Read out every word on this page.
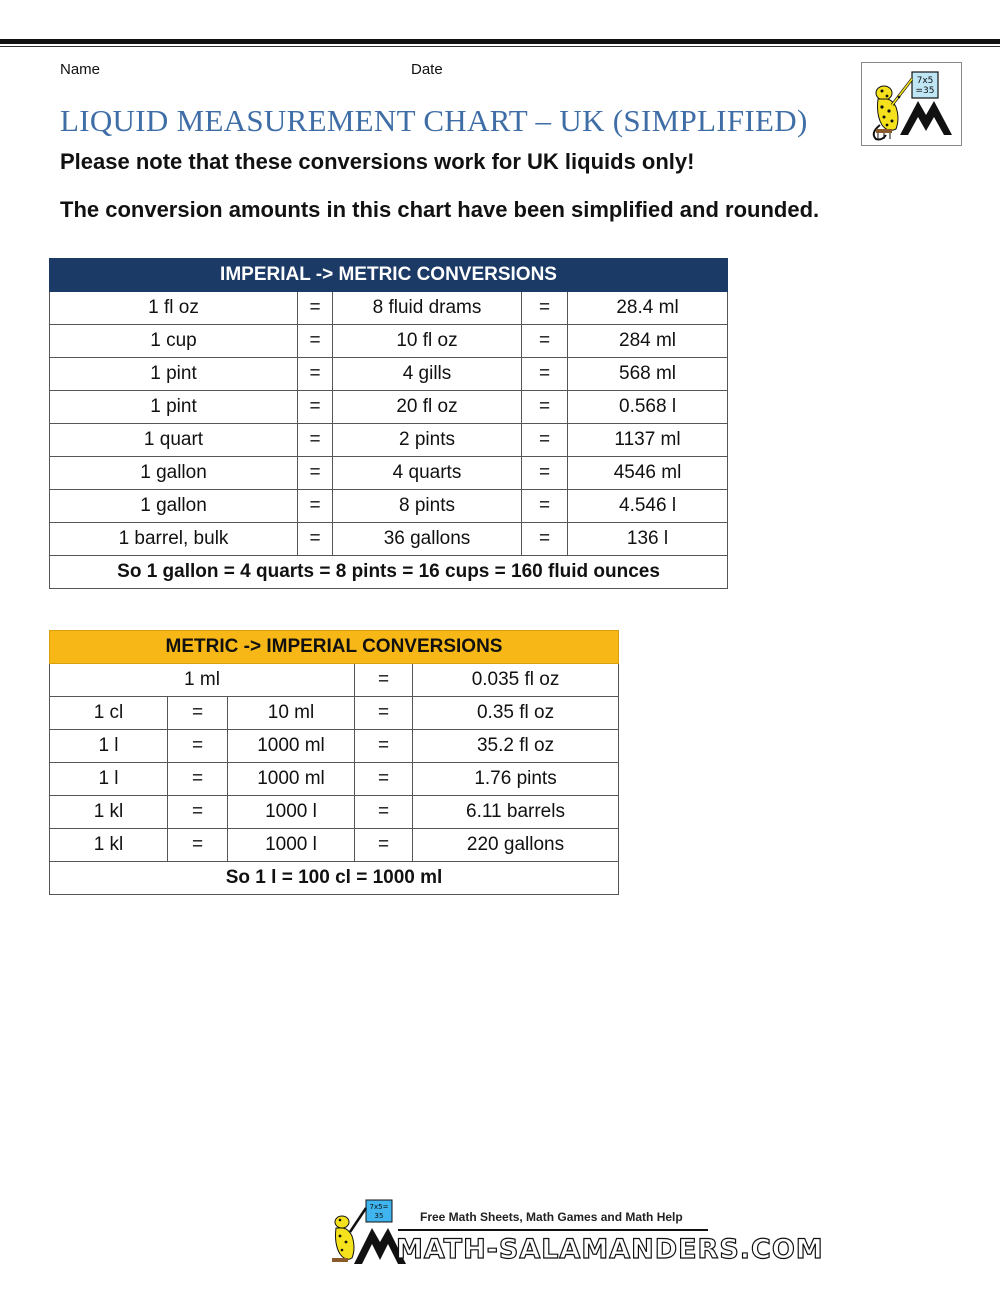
Name	Date
LIQUID MEASUREMENT CHART – UK (SIMPLIFIED)
7x5
=35
Please note that these conversions work for UK liquids only!
The conversion amounts in this chart have been simplified and rounded.
IMPERIAL -> METRIC CONVERSIONS				
1 fl oz	=	8 fluid drams	=	28.4 ml
1 cup	=	10 fl oz	=	284 ml
1 pint	=	4 gills	=	568 ml
1 pint	=	20 fl oz	=	0.568 l
1 quart	=	2 pints	=	1137 ml
1 gallon	=	4 quarts	=	4546 ml
1 gallon	=	8 pints	=	4.546 l
1 barrel, bulk	=	36 gallons	=	136 l
So 1 gallon = 4 quarts = 8 pints = 16 cups = 160 fluid ounces				
METRIC -> IMPERIAL CONVERSIONS				
1 ml			=	0.035 fl oz
1 cl	=	10 ml	=	0.35 fl oz
1 l	=	1000 ml	=	35.2 fl oz
1 l	=	1000 ml	=	1.76 pints
1 kl	=	1000 l	=	6.11 barrels
1 kl	=	1000 l	=	220 gallons
So 1 l = 100 cl = 1000 ml				
7x5=
35	Free Math Sheets, Math Games and Math Help
MATH-SALAMANDERS.COM
